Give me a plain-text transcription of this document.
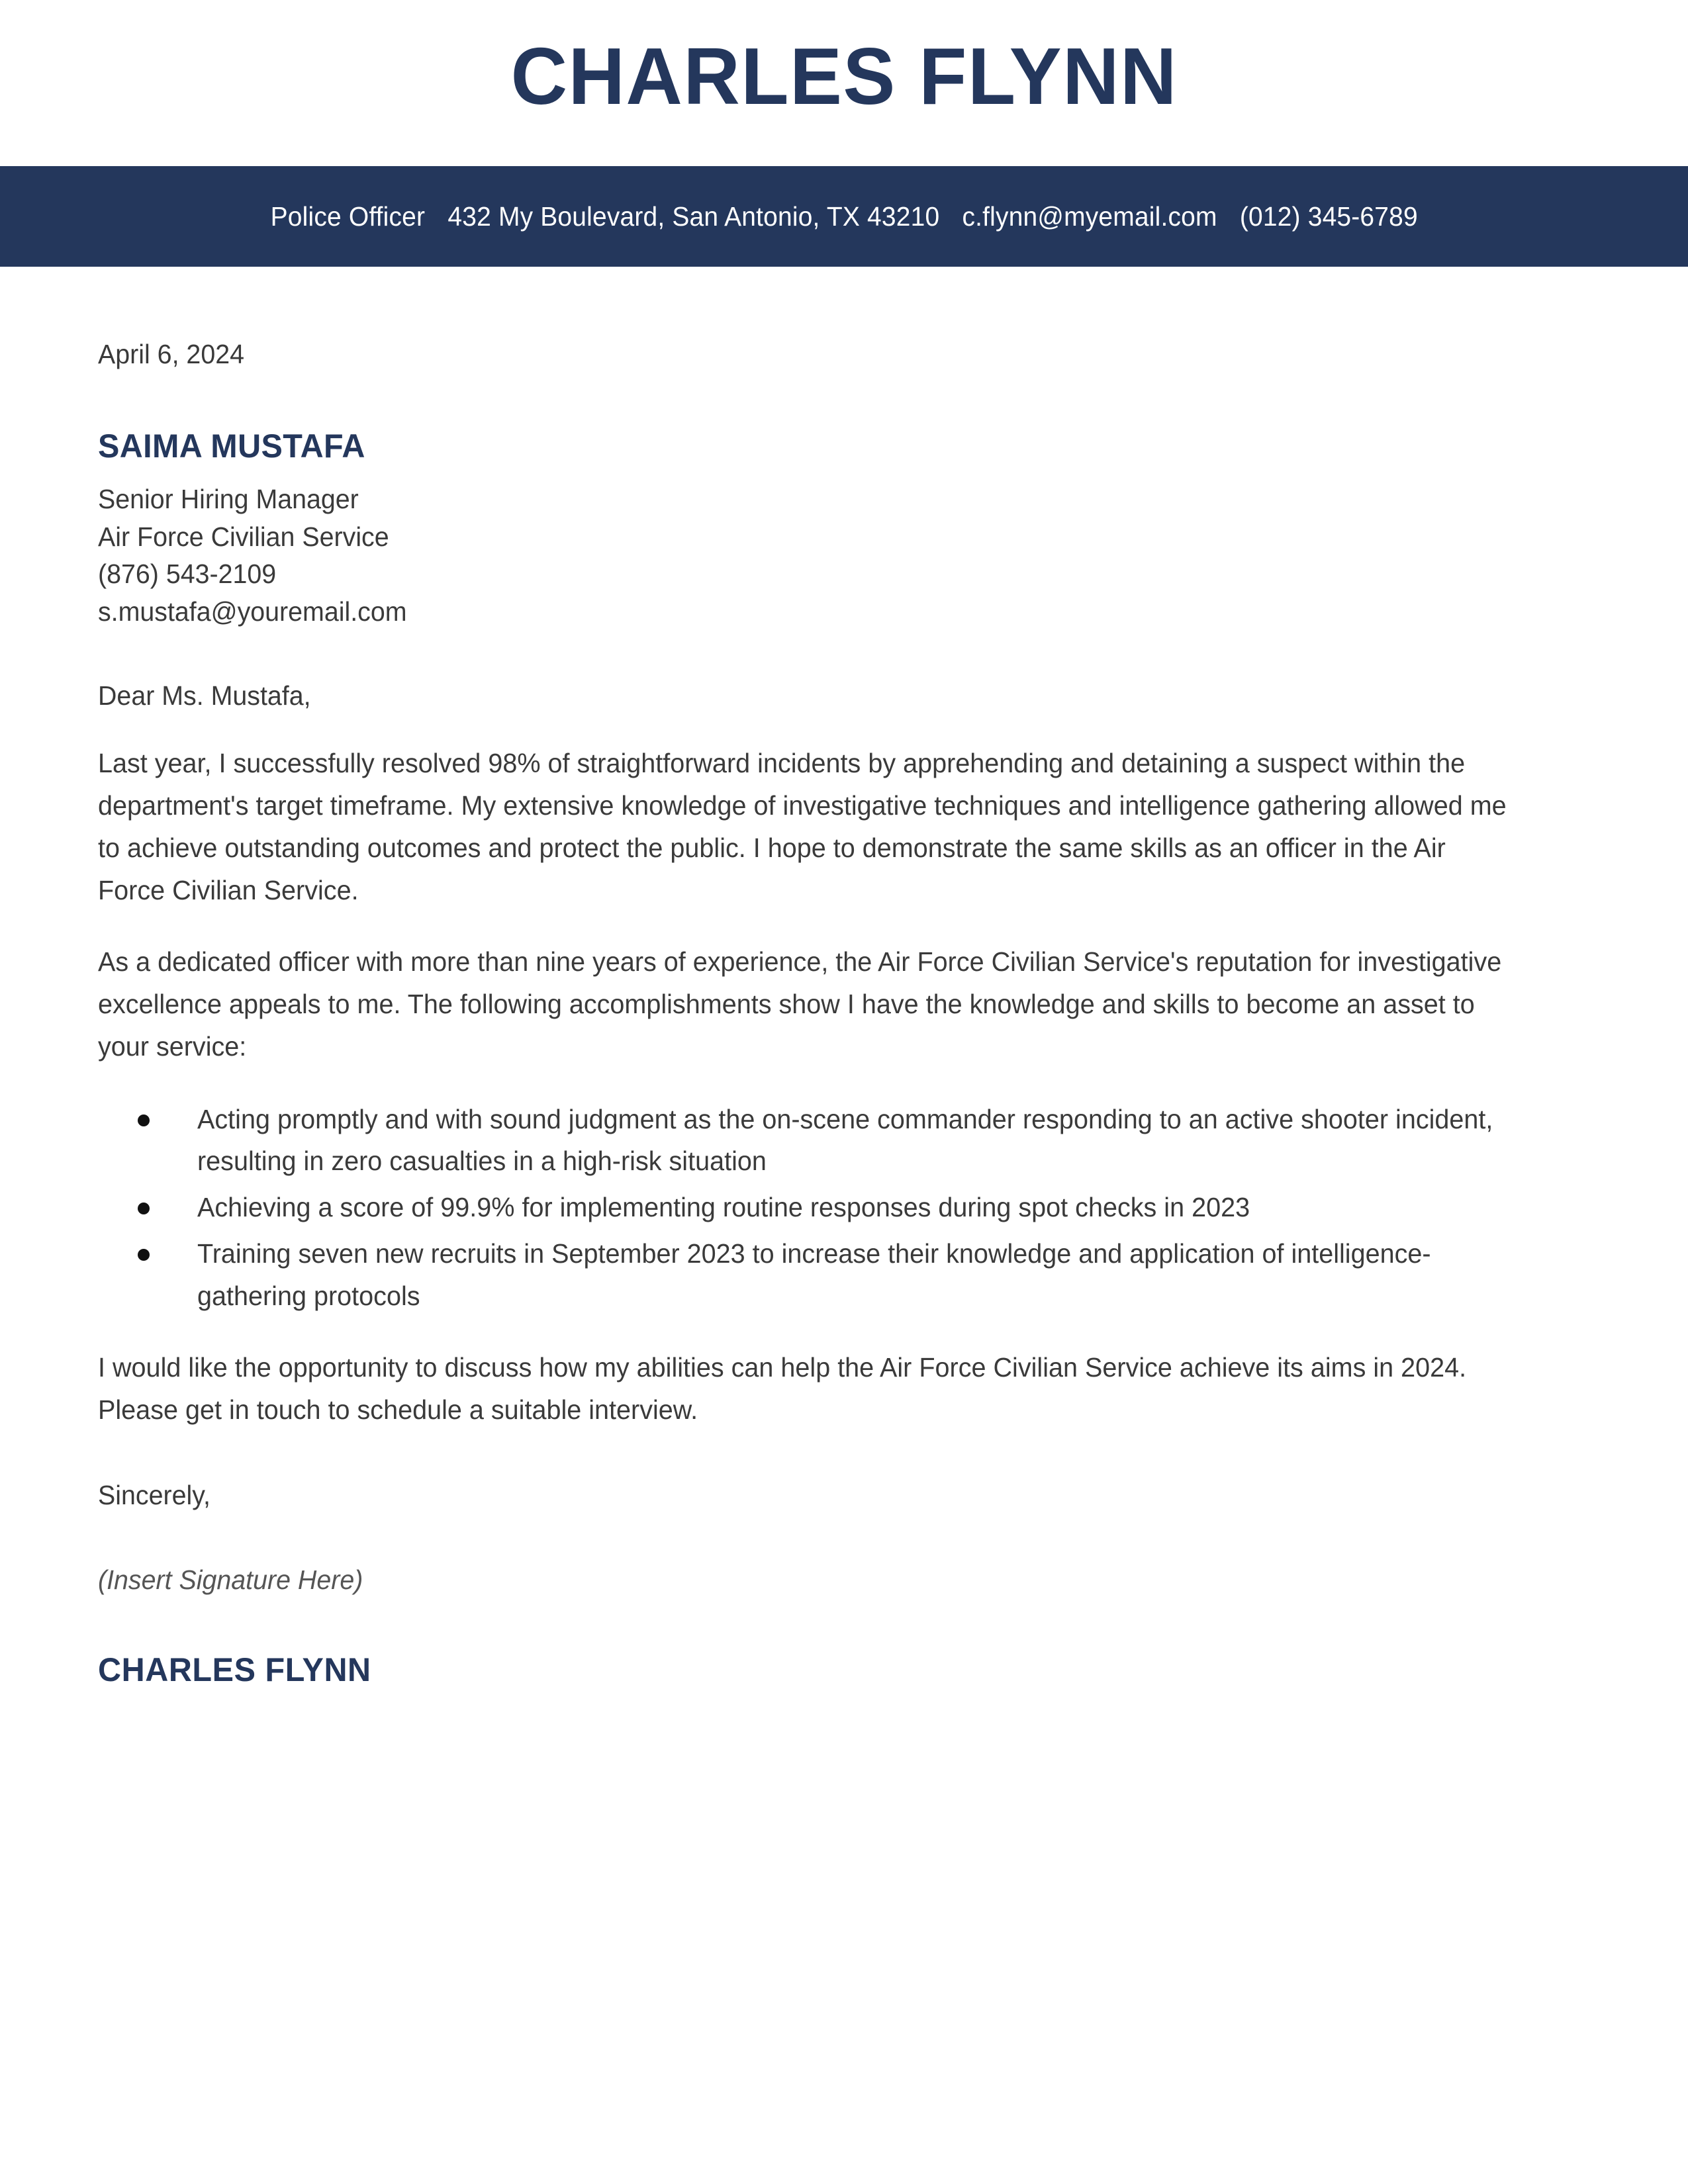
CHARLES FLYNN
Police Officer 432 My Boulevard, San Antonio, TX 43210 c.flynn@myemail.com (012) 345-6789
April 6, 2024
SAIMA MUSTAFA
Senior Hiring Manager
Air Force Civilian Service
(876) 543-2109
s.mustafa@youremail.com
Dear Ms. Mustafa,
Last year, I successfully resolved 98% of straightforward incidents by apprehending and detaining a suspect within the department's target timeframe. My extensive knowledge of investigative techniques and intelligence gathering allowed me to achieve outstanding outcomes and protect the public. I hope to demonstrate the same skills as an officer in the Air Force Civilian Service.
As a dedicated officer with more than nine years of experience, the Air Force Civilian Service's reputation for investigative excellence appeals to me. The following accomplishments show I have the knowledge and skills to become an asset to your service:
Acting promptly and with sound judgment as the on-scene commander responding to an active shooter incident, resulting in zero casualties in a high-risk situation
Achieving a score of 99.9% for implementing routine responses during spot checks in 2023
Training seven new recruits in September 2023 to increase their knowledge and application of intelligence-gathering protocols
I would like the opportunity to discuss how my abilities can help the Air Force Civilian Service achieve its aims in 2024. Please get in touch to schedule a suitable interview.
Sincerely,
(Insert Signature Here)
CHARLES FLYNN
